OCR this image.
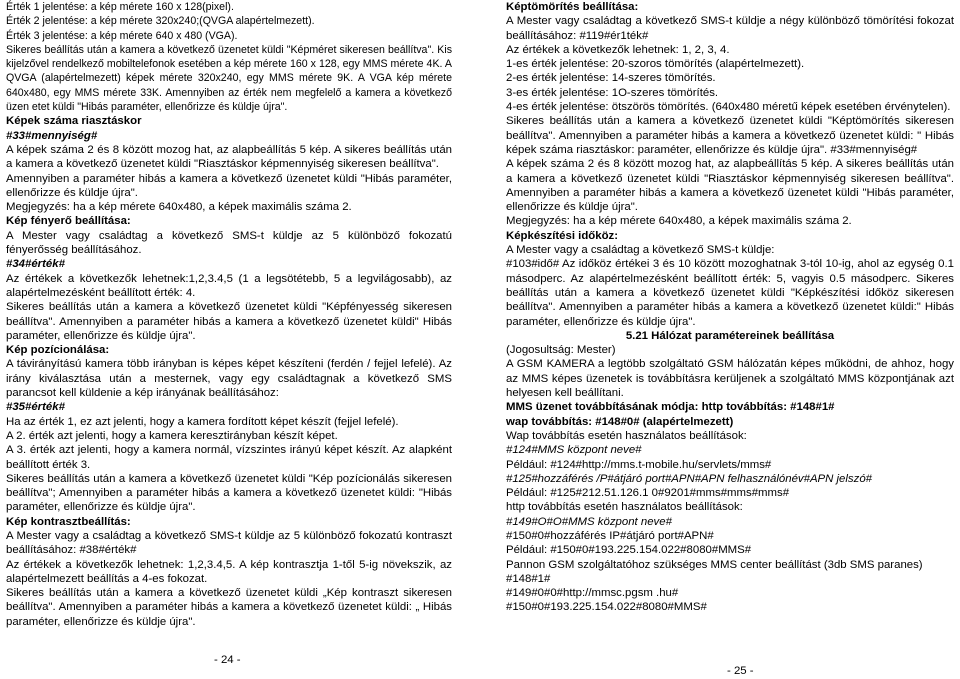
Érték 1 jelentése: a kép mérete 160 x 128(pixel).

Érték 2 jelentése: a kép mérete 320x240;(QVGA alapértelmezett).

Érték 3 jelentése: a kép mérete 640 x 480 (VGA).

Sikeres beállítás után a kamera a következő üzenetet küldi "Képméret sikeresen beállítva". Kis kijelzővel rendelkező mobiltelefonok esetében a kép mérete 160 x 128, egy MMS mérete 4K. A QVGA (alapértelmezett) képek mérete 320x240, egy MMS mérete 9K. A VGA kép mérete 640x480, egy MMS mérete 33K. Amennyiben az érték nem megfelelő a kamera a következő üzen etet küldi "Hibás paraméter, ellenőrizze és küldje újra".

Képek száma riasztáskor

#33#mennyiség#

A képek száma 2 és 8 között mozog hat, az alapbeállítás 5 kép. A sikeres beállítás után a kamera a következő üzenetet küldi "Riasztáskor képmennyiség sikeresen beállítva".

Amennyiben a paraméter hibás a kamera a következő üzenetet küldi "Hibás paraméter, ellenőrizze és küldje újra".

Megjegyzés: ha a kép mérete 640x480, a képek maximális száma 2.

Kép fényerő beállítása:

A Mester vagy családtag a következő SMS-t küldje az 5 különböző fokozatú fényerősség beállításához.

#34#érték#

Az értékek a következők lehetnek:1,2,3.4,5 (1 a legsötétebb, 5 a legvilágosabb), az alapértelmezésként beállított érték: 4.

Sikeres beállítás után a kamera a következő üzenetet küldi "Képfényesség sikeresen beállítva". Amennyiben a paraméter hibás a kamera a következő üzenetet küldi" Hibás paraméter, ellenőrizze és küldje újra".

Kép pozícionálása:

A távirányítású kamera több irányban is képes képet készíteni (ferdén / fejjel lefelé). Az irány kiválasztása után a mesternek, vagy egy családtagnak a következő SMS parancsot kell küldenie a kép irányának beállításához:

#35#érték#

Ha az érték 1, ez azt jelenti, hogy a kamera fordított képet készít (fejjel lefelé).

A 2. érték azt jelenti, hogy a kamera keresztirányban készít képet.

A 3. érték azt jelenti, hogy a kamera normál, vízszintes irányú képet készít. Az alapként beállított érték 3.

Sikeres beállítás után a kamera a következő üzenetet küldi "Kép pozícionálás sikeresen beállítva"; Amennyiben a paraméter hibás a kamera a következő üzenetet küldi: "Hibás paraméter, ellenőrizze és küldje újra".

Kép kontrasztbeállítás:

A Mester vagy a családtag a következő SMS-t küldje az 5 különböző fokozatú kontraszt beállításához: #38#érték#

Az értékek a következők lehetnek: 1,2,3.4,5. A kép kontrasztja 1-től 5-ig növekszik, az alapértelmezett beállítás a 4-es fokozat.

Sikeres beállítás után a kamera a következő üzenetet küldi „Kép kontraszt sikeresen beállítva". Amennyiben a paraméter hibás a kamera a következő üzenetet küldi: „ Hibás paraméter, ellenőrizze és küldje újra".

- 24 -

Képtömörítés beállítása:

A Mester vagy családtag a következő SMS-t küldje a négy különböző tömörítési fokozat beállításához: #119#ér1ték#

Az értékek a következők lehetnek: 1, 2, 3, 4.

1-es érték jelentése: 20-szoros tömörítés (alapértelmezett).

2-es érték jelentése: 14-szeres tömörítés.

3-es érték jelentése: 1O-szeres tömörítés.

4-es érték jelentése: ötszörös tömörítés. (640x480 méretű képek esetében érvénytelen).

Sikeres beállítás után a kamera a következő üzenetet küldi "Képtömörítés sikeresen beállítva". Amennyiben a paraméter hibás a kamera a következő üzenetet küldi: " Hibás képek száma riasztáskor: paraméter, ellenőrizze és küldje újra". #33#mennyiség#

A képek száma 2 és 8 között mozog hat, az alapbeállítás 5 kép. A sikeres beállítás után a kamera a következő üzenetet küldi "Riasztáskor képmennyiség sikeresen beállítva". Amennyiben a paraméter hibás a kamera a következő üzenetet küldi "Hibás paraméter, ellenőrizze és küldje újra".

Megjegyzés: ha a kép mérete 640x480, a képek maximális száma 2.

Képkészítési időköz:

A Mester vagy a családtag a következő SMS-t küldje:

#103#idő# Az időköz értékei 3 és 10 között mozoghatnak 3-tól 10-ig, ahol az egység 0.1 másodperc. Az alapértelmezésként beállított érték: 5, vagyis 0.5 másodperc. Sikeres beállítás után a kamera a következő üzenetet küldi "Képkészítési időköz sikeresen beállítva". Amennyiben a paraméter hibás a kamera a következő üzenetet küldi:" Hibás paraméter, ellenőrizze és küldje újra".

5.21 Hálózat paramétereinek beállítása

(Jogosultság: Mester)

A GSM KAMERA a legtöbb szolgáltató GSM hálózatán képes működni, de ahhoz, hogy az MMS képes üzenetek is továbbításra kerüljenek a szolgáltató MMS központjának azt helyesen kell beállítani.

MMS üzenet továbbításának módja: http továbbítás: #148#1#

wap továbbítás: #148#0# (alapértelmezett)

Wap továbbítás esetén használatos beállítások:

#124#MMS központ neve#

Például: #124#http://mms.t-mobile.hu/servlets/mms#

#125#hozzáférés /P#átjáró port#APN#APN felhasználónév#APN jelszó#

Például: #125#212.51.126.1 0#9201#mms#mms#mms#

http továbbítás esetén használatos beállítások:

#149#O#O#MMS központ neve#

#150#0#hozzáférés IP#átjáró port#APN#

Például: #150#0#193.225.154.022#8080#MMS#

Pannon GSM szolgáltatóhoz szükséges MMS center beállítást (3db SMS paranes)

#148#1#

#149#0#0#http://mmsc.pgsm .hu#

#150#0#193.225.154.022#8080#MMS#

- 25 -
